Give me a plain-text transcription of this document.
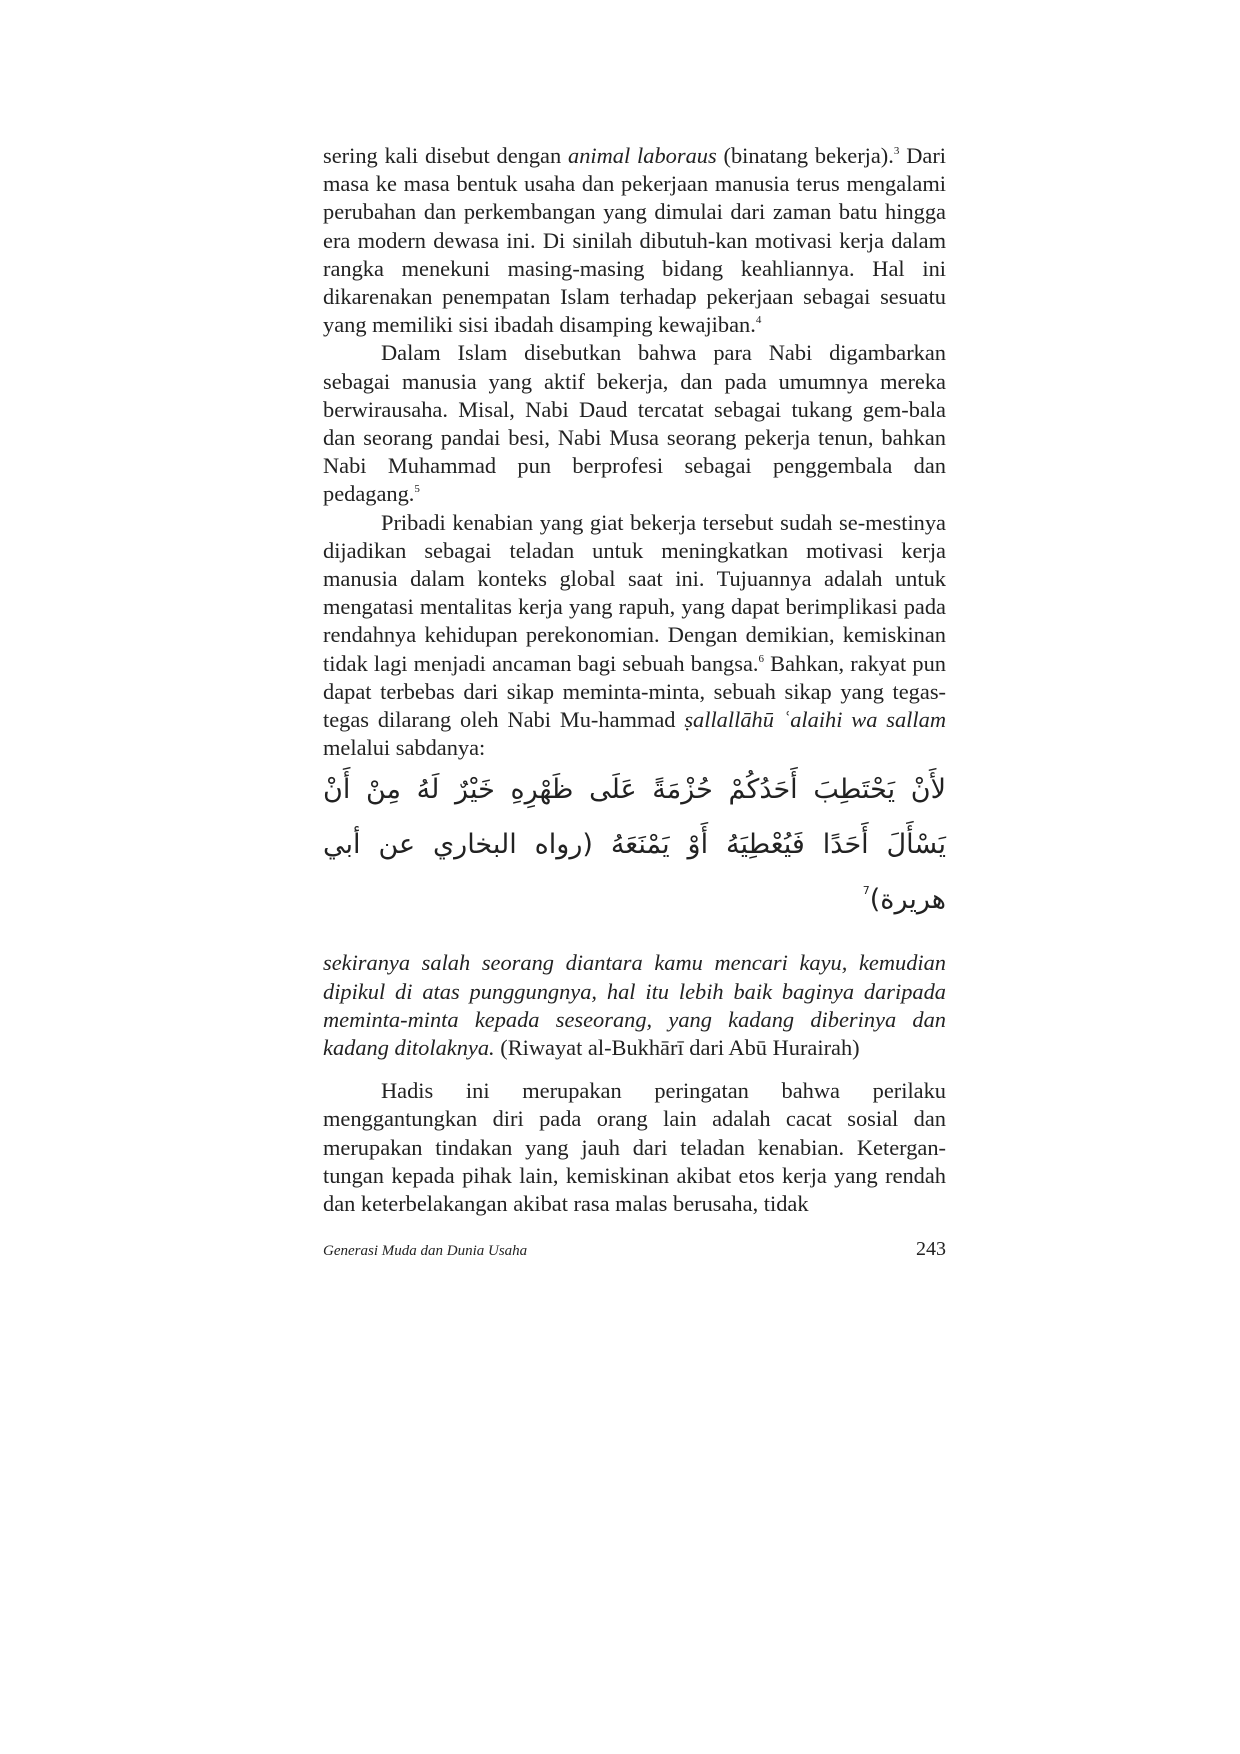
sering kali disebut dengan animal laboraus (binatang bekerja).$^3$ Dari masa ke masa bentuk usaha dan pekerjaan manusia terus mengalami perubahan dan perkembangan yang dimulai dari zaman batu hingga era modern dewasa ini. Di sinilah dibutuh-kan motivasi kerja dalam rangka menekuni masing-masing bidang keahliannya. Hal ini dikarenakan penempatan Islam terhadap pekerjaan sebagai sesuatu yang memiliki sisi ibadah disamping kewajiban.$^4$

Dalam Islam disebutkan bahwa para Nabi digambarkan sebagai manusia yang aktif bekerja, dan pada umumnya mereka berwirausaha. Misal, Nabi Daud tercatat sebagai tukang gem-bala dan seorang pandai besi, Nabi Musa seorang pekerja tenun, bahkan Nabi Muhammad pun berprofesi sebagai penggembala dan pedagang.$^5$

Pribadi kenabian yang giat bekerja tersebut sudah se-mestinya dijadikan sebagai teladan untuk meningkatkan motivasi kerja manusia dalam konteks global saat ini. Tujuannya adalah untuk mengatasi mentalitas kerja yang rapuh, yang dapat berimplikasi pada rendahnya kehidupan perekonomian. Dengan demikian, kemiskinan tidak lagi menjadi ancaman bagi sebuah bangsa.$^6$ Bahkan, rakyat pun dapat terbebas dari sikap meminta-minta, sebuah sikap yang tegas-tegas dilarang oleh Nabi Mu-hammad ṣallallāhū ʿalaihi wa sallam melalui sabdanya:

لأَنْ يَحْتَطِبَ أَحَدُكُمْ حُزْمَةً عَلَى ظَهْرِهِ خَيْرٌ لَهُ مِنْ أَنْ يَسْأَلَ أَحَدًا فَيُعْطِيَهُ أَوْ يَمْنَعَهُ (رواه البخاري عن أبي هريرة)$^7$

sekiranya salah seorang diantara kamu mencari kayu, kemudian dipikul di atas punggungnya, hal itu lebih baik baginya daripada meminta-minta kepada seseorang, yang kadang diberinya dan kadang ditolaknya. (Riwayat al-Bukhārī dari Abū Hurairah)

Hadis ini merupakan peringatan bahwa perilaku menggantungkan diri pada orang lain adalah cacat sosial dan merupakan tindakan yang jauh dari teladan kenabian. Ketergan-tungan kepada pihak lain, kemiskinan akibat etos kerja yang rendah dan keterbelakangan akibat rasa malas berusaha, tidak

Generasi Muda dan Dunia Usaha	243
